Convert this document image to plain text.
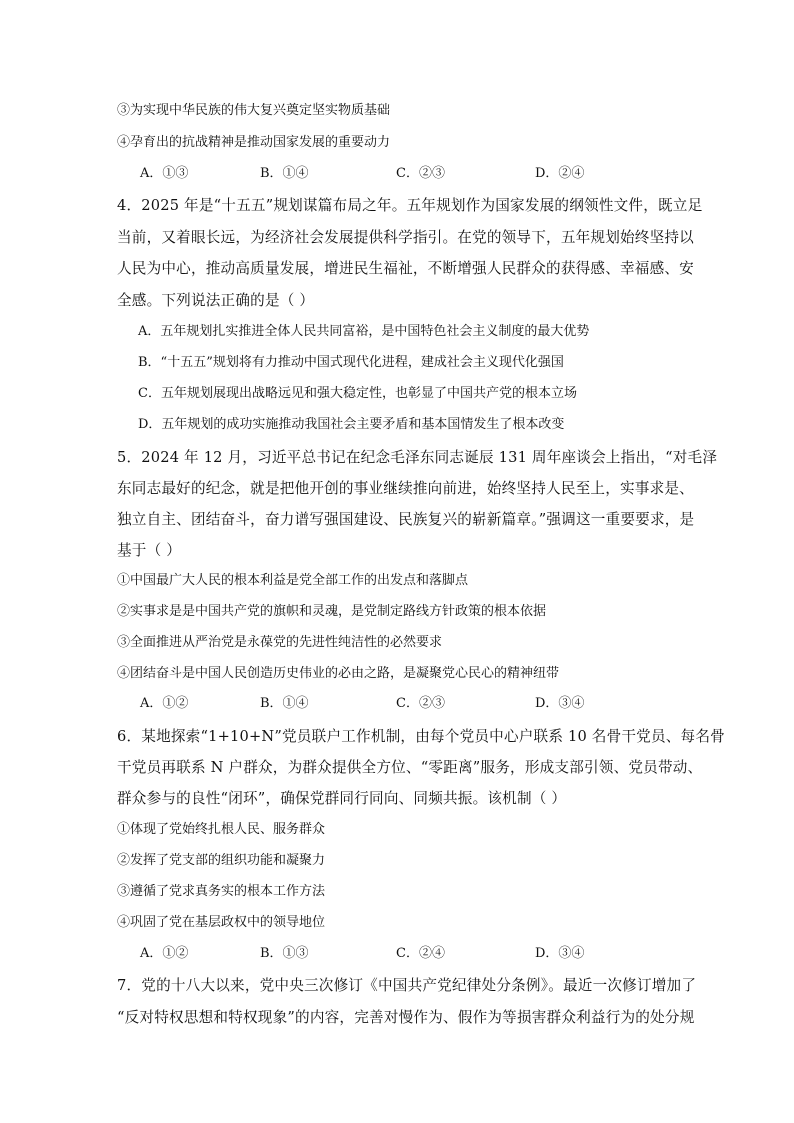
③为实现中华民族的伟大复兴奠定坚实物质基础
④孕育出的抗战精神是推动国家发展的重要动力
A．①③	B．①④	C．②③	D．②④
4．2025 年是“十五五”规划谋篇布局之年。五年规划作为国家发展的纲领性文件，既立足
当前，又着眼长远，为经济社会发展提供科学指引。在党的领导下，五年规划始终坚持以
人民为中心，推动高质量发展，增进民生福祉，不断增强人民群众的获得感、幸福感、安
全感。下列说法正确的是（ ）
A．五年规划扎实推进全体人民共同富裕，是中国特色社会主义制度的最大优势
B．“十五五”规划将有力推动中国式现代化进程，建成社会主义现代化强国
C．五年规划展现出战略远见和强大稳定性，也彰显了中国共产党的根本立场
D．五年规划的成功实施推动我国社会主要矛盾和基本国情发生了根本改变
5．2024 年 12 月，习近平总书记在纪念毛泽东同志诞辰 131 周年座谈会上指出，“对毛泽
东同志最好的纪念，就是把他开创的事业继续推向前进，始终坚持人民至上，实事求是、
独立自主、团结奋斗，奋力谱写强国建设、民族复兴的崭新篇章。”强调这一重要要求，是
基于（ ）
①中国最广大人民的根本利益是党全部工作的出发点和落脚点
②实事求是是中国共产党的旗帜和灵魂，是党制定路线方针政策的根本依据
③全面推进从严治党是永葆党的先进性纯洁性的必然要求
④团结奋斗是中国人民创造历史伟业的必由之路，是凝聚党心民心的精神纽带
A．①②	B．①④	C．②③	D．③④
6．某地探索“1+10+N”党员联户工作机制，由每个党员中心户联系 10 名骨干党员、每名骨
干党员再联系 N 户群众，为群众提供全方位、“零距离”服务，形成支部引领、党员带动、
群众参与的良性“闭环”，确保党群同行同向、同频共振。该机制（ ）
①体现了党始终扎根人民、服务群众
②发挥了党支部的组织功能和凝聚力
③遵循了党求真务实的根本工作方法
④巩固了党在基层政权中的领导地位
A．①②	B．①③	C．②④	D．③④
7．党的十八大以来，党中央三次修订《中国共产党纪律处分条例》。最近一次修订增加了
“反对特权思想和特权现象”的内容，完善对慢作为、假作为等损害群众利益行为的处分规
